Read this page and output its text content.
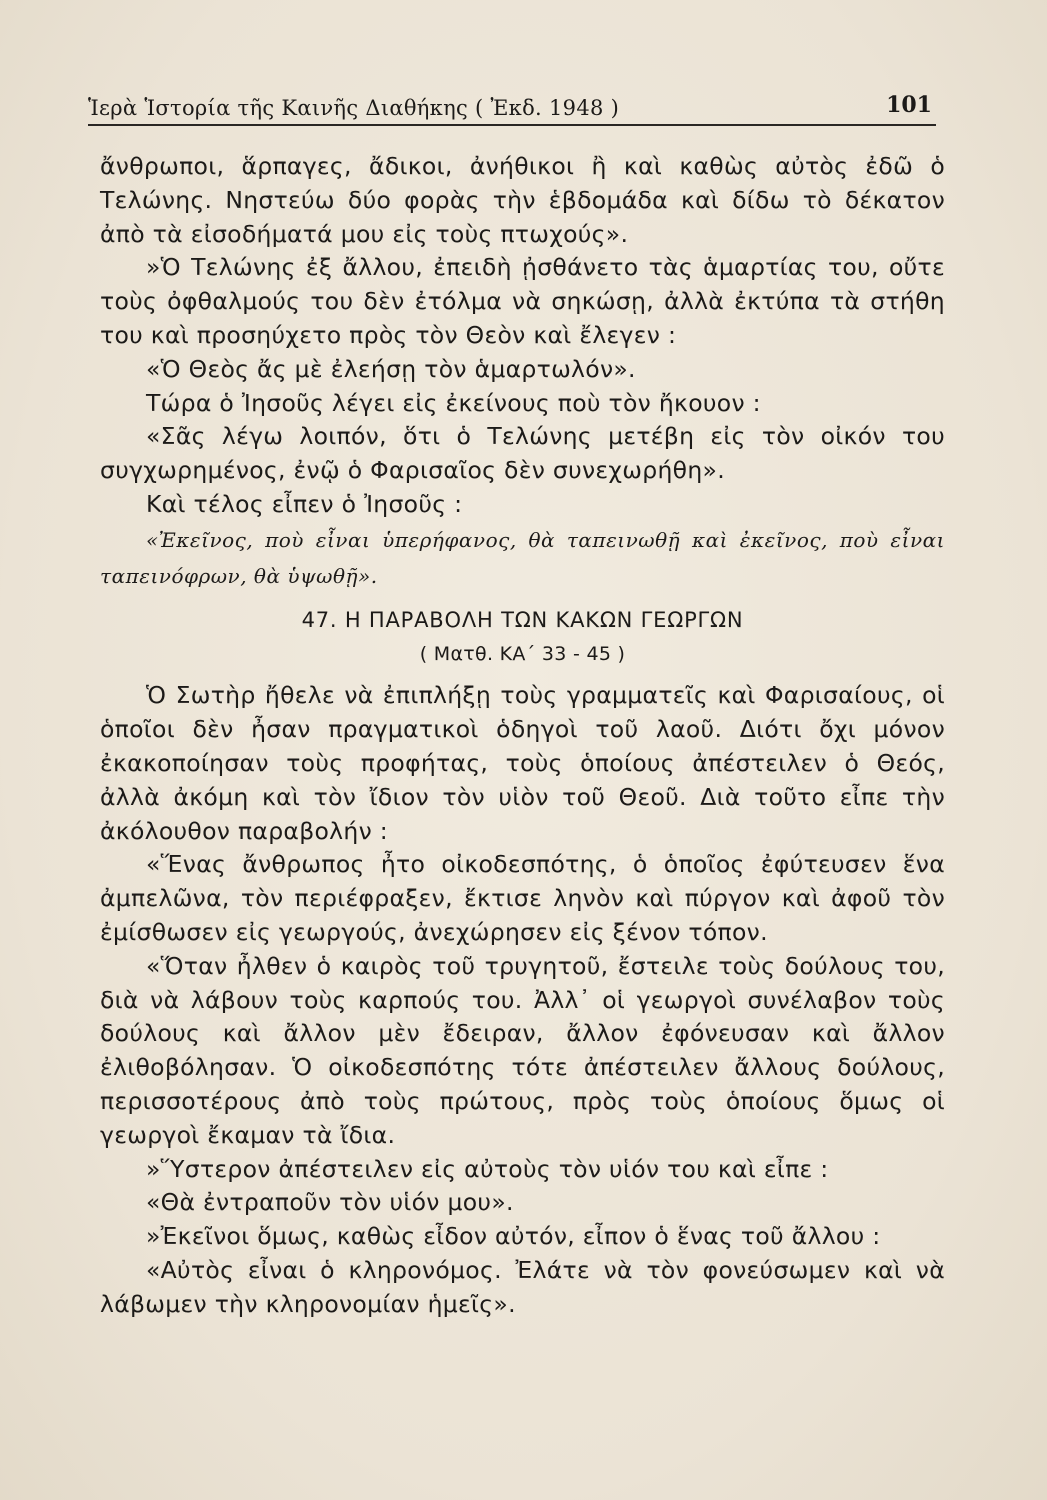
Ἱερὰ Ἱστορία τῆς Καινῆς Διαθήκης ( Ἐκδ. 1948 )	101

ἄνθρωποι, ἅρπαγες, ἄδικοι, ἀνήθικοι ἢ καὶ καθὼς αὐτὸς ἐδῶ ὁ Τελώνης. Νηστεύω δύο φορὰς τὴν ἑβδομάδα καὶ δίδω τὸ δέκατον ἀπὸ τὰ εἰσοδήματά μου εἰς τοὺς πτωχούς».

»Ὁ Τελώνης ἐξ ἄλλου, ἐπειδὴ ᾐσθάνετο τὰς ἁμαρτίας του, οὔτε τοὺς ὀφθαλμούς του δὲν ἐτόλμα νὰ σηκώσῃ, ἀλλὰ ἐκτύπα τὰ στήθη του καὶ προσηύχετο πρὸς τὸν Θεὸν καὶ ἔλεγεν :

«Ὁ Θεὸς ἄς μὲ ἐλεήσῃ τὸν ἁμαρτωλόν».

Τώρα ὁ Ἰησοῦς λέγει εἰς ἐκείνους ποὺ τὸν ἤκουον :

«Σᾶς λέγω λοιπόν, ὅτι ὁ Τελώνης μετέβη εἰς τὸν οἰκόν του συγχωρημένος, ἐνῷ ὁ Φαρισαῖος δὲν συνεχωρήθη».

Καὶ τέλος εἶπεν ὁ Ἰησοῦς :

«Ἐκεῖνος, ποὺ εἶναι ὑπερήφανος, θὰ ταπεινωθῇ καὶ ἐκεῖνος, ποὺ εἶναι ταπεινόφρων, θὰ ὑψωθῇ».

47. Η ΠΑΡΑΒΟΛΗ ΤΩΝ ΚΑΚΩΝ ΓΕΩΡΓΩΝ

( Ματθ. ΚΑ΄ 33 - 45 )

Ὁ Σωτὴρ ἤθελε νὰ ἐπιπλήξῃ τοὺς γραμματεῖς καὶ Φαρισαίους, οἱ ὁποῖοι δὲν ἦσαν πραγματικοὶ ὁδηγοὶ τοῦ λαοῦ. Διότι ὄχι μόνον ἐκακοποίησαν τοὺς προφήτας, τοὺς ὁποίους ἀπέστειλεν ὁ Θεός, ἀλλὰ ἀκόμη καὶ τὸν ἴδιον τὸν υἱὸν τοῦ Θεοῦ. Διὰ τοῦτο εἶπε τὴν ἀκόλουθον παραβολήν :

«Ἕνας ἄνθρωπος ἦτο οἰκοδεσπότης, ὁ ὁποῖος ἐφύτευσεν ἕνα ἀμπελῶνα, τὸν περιέφραξεν, ἔκτισε ληνὸν καὶ πύργον καὶ ἀφοῦ τὸν ἐμίσθωσεν εἰς γεωργούς, ἀνεχώρησεν εἰς ξένον τόπον.

«Ὅταν ἦλθεν ὁ καιρὸς τοῦ τρυγητοῦ, ἔστειλε τοὺς δούλους του, διὰ νὰ λάβουν τοὺς καρπούς του. Ἀλλ᾽ οἱ γεωργοὶ συνέλαβον τοὺς δούλους καὶ ἄλλον μὲν ἔδειραν, ἄλλον ἐφόνευσαν καὶ ἄλλον ἐλιθοβόλησαν. Ὁ οἰκοδεσπότης τότε ἀπέστειλεν ἄλλους δούλους, περισσοτέρους ἀπὸ τοὺς πρώτους, πρὸς τοὺς ὁποίους ὅμως οἱ γεωργοὶ ἔκαμαν τὰ ἴδια.

»Ὕστερον ἀπέστειλεν εἰς αὐτοὺς τὸν υἱόν του καὶ εἶπε :

«Θὰ ἐντραποῦν τὸν υἱόν μου».

»Ἐκεῖνοι ὅμως, καθὼς εἶδον αὐτόν, εἶπον ὁ ἕνας τοῦ ἄλλου :

«Αὐτὸς εἶναι ὁ κληρονόμος. Ἐλάτε νὰ τὸν φονεύσωμεν καὶ νὰ λάβωμεν τὴν κληρονομίαν ἡμεῖς».
